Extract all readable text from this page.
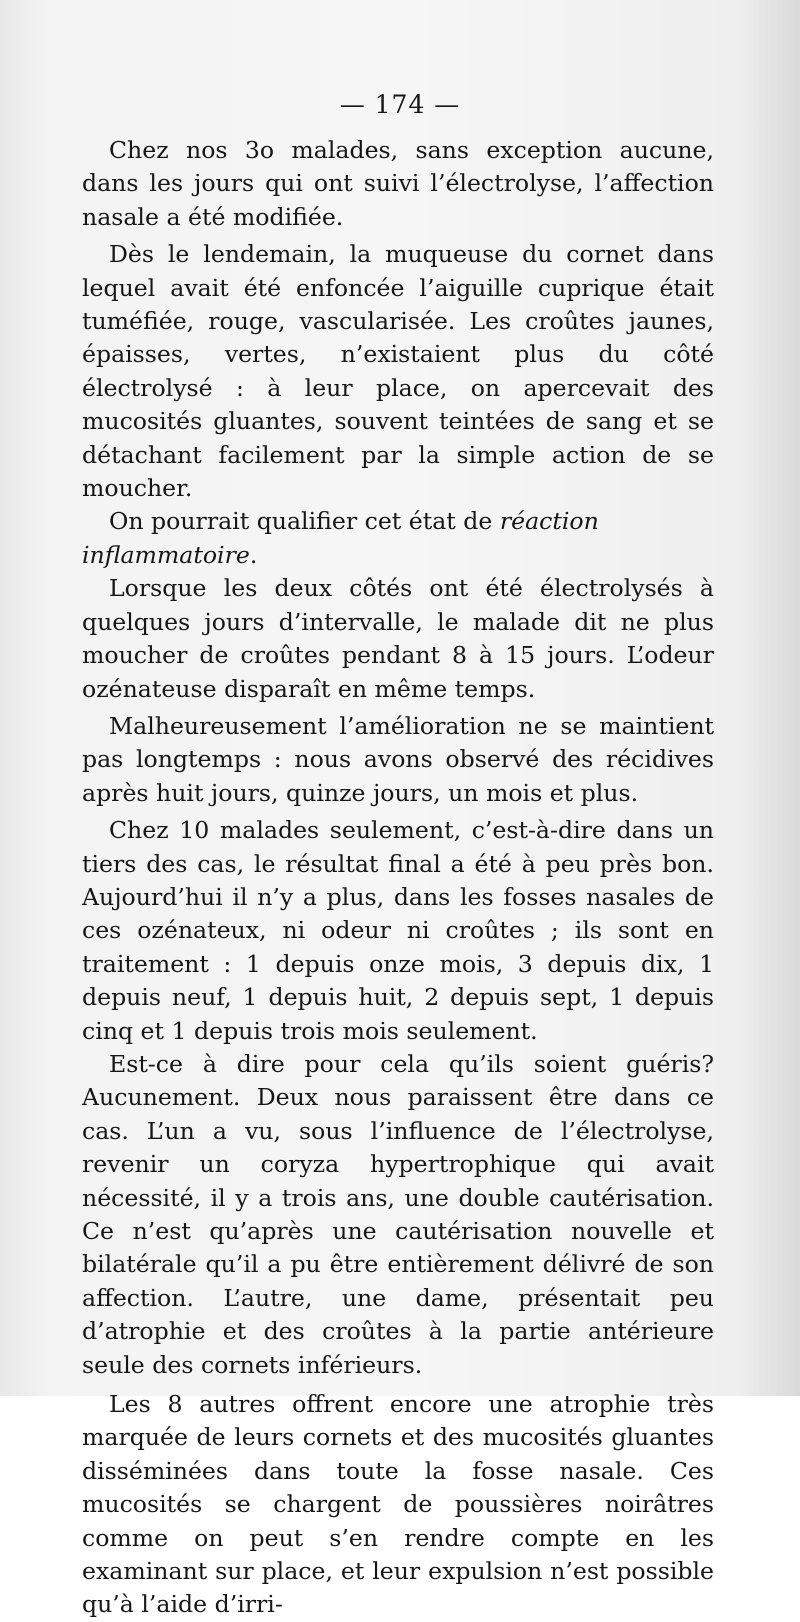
— 174 —

Chez nos 3o malades, sans exception aucune, dans les jours qui ont suivi l’électrolyse, l’affection nasale a été modifiée.

Dès le lendemain, la muqueuse du cornet dans lequel avait été enfoncée l’aiguille cuprique était tuméfiée, rouge, vascularisée. Les croûtes jaunes, épaisses, vertes, n’existaient plus du côté électrolysé : à leur place, on apercevait des mucosités gluantes, souvent teintées de sang et se détachant facilement par la simple action de se moucher.

On pourrait qualifier cet état de réaction inflammatoire.

Lorsque les deux côtés ont été électrolysés à quelques jours d’intervalle, le malade dit ne plus moucher de croûtes pendant 8 à 15 jours. L’odeur ozénateuse disparaît en même temps.

Malheureusement l’amélioration ne se maintient pas longtemps : nous avons observé des récidives après huit jours, quinze jours, un mois et plus.

Chez 10 malades seulement, c’est-à-dire dans un tiers des cas, le résultat final a été à peu près bon. Aujourd’hui il n’y a plus, dans les fosses nasales de ces ozénateux, ni odeur ni croûtes ; ils sont en traitement : 1 depuis onze mois, 3 depuis dix, 1 depuis neuf, 1 depuis huit, 2 depuis sept, 1 depuis cinq et 1 depuis trois mois seulement.

Est-ce à dire pour cela qu’ils soient guéris? Aucunement. Deux nous paraissent être dans ce cas. L’un a vu, sous l’influence de l’électrolyse, revenir un coryza hypertrophique qui avait nécessité, il y a trois ans, une double cautérisation. Ce n’est qu’après une cautérisation nouvelle et bilatérale qu’il a pu être entièrement délivré de son affection. L’autre, une dame, présentait peu d’atrophie et des croûtes à la partie antérieure seule des cornets inférieurs.

Les 8 autres offrent encore une atrophie très marquée de leurs cornets et des mucosités gluantes disséminées dans toute la fosse nasale. Ces mucosités se chargent de poussières noirâtres comme on peut s’en rendre compte en les examinant sur place, et leur expulsion n’est possible qu’à l’aide d’irri-
